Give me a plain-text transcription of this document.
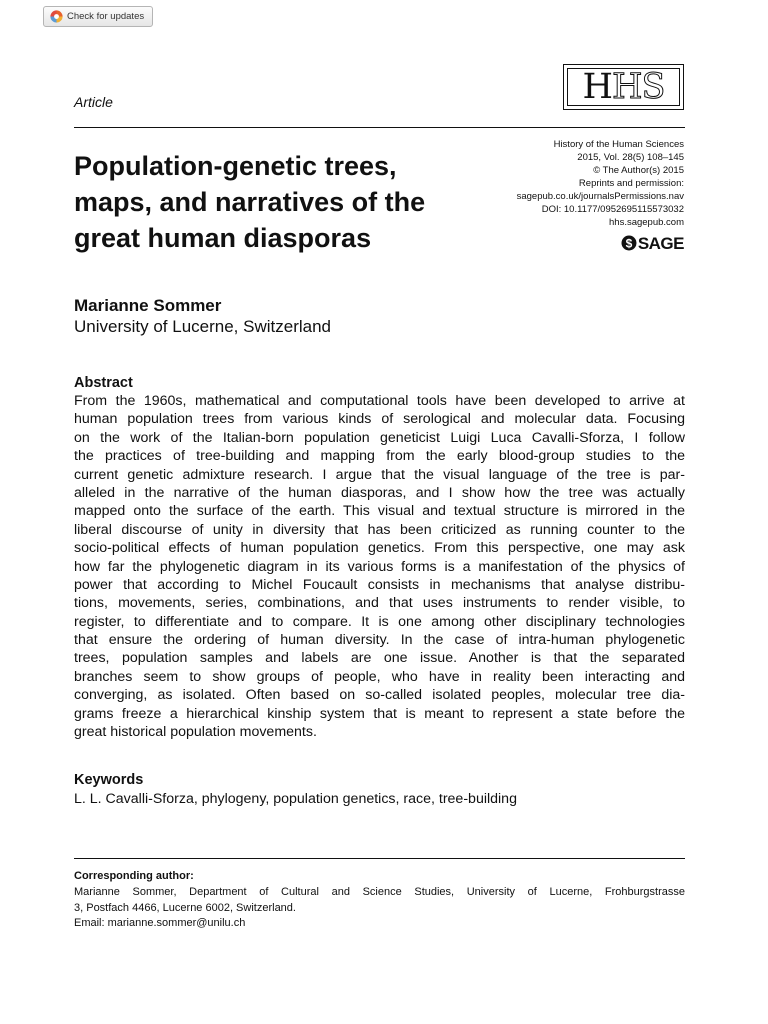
Check for updates
H HS
Article
Population-genetic trees,
maps, and narratives of the
great human diasporas
History of the Human Sciences
2015, Vol. 28(5) 108–145
© The Author(s) 2015
Reprints and permission:
sagepub.co.uk/journalsPermissions.nav
DOI: 10.1177/0952695115573032
hhs.sagepub.com
$ SAGE
Marianne Sommer
University of Lucerne, Switzerland
Abstract

From the 1960s, mathematical and computational tools have been developed to arrive at
human population trees from various kinds of serological and molecular data. Focusing
on the work of the Italian-born population geneticist Luigi Luca Cavalli-Sforza, I follow
the practices of tree-building and mapping from the early blood-group studies to the
current genetic admixture research. I argue that the visual language of the tree is par-
alleled in the narrative of the human diasporas, and I show how the tree was actually
mapped onto the surface of the earth. This visual and textual structure is mirrored in the
liberal discourse of unity in diversity that has been criticized as running counter to the
socio-political effects of human population genetics. From this perspective, one may ask
how far the phylogenetic diagram in its various forms is a manifestation of the physics of
power that according to Michel Foucault consists in mechanisms that analyse distribu-
tions, movements, series, combinations, and that uses instruments to render visible, to
register, to differentiate and to compare. It is one among other disciplinary technologies
that ensure the ordering of human diversity. In the case of intra-human phylogenetic
trees, population samples and labels are one issue. Another is that the separated
branches seem to show groups of people, who have in reality been interacting and
converging, as isolated. Often based on so-called isolated peoples, molecular tree dia-
grams freeze a hierarchical kinship system that is meant to represent a state before the
great historical population movements.

Keywords
L. L. Cavalli-Sforza, phylogeny, population genetics, race, tree-building
Corresponding author:
Marianne Sommer, Department of Cultural and Science Studies, University of Lucerne, Frohburgstrasse
3, Postfach 4466, Lucerne 6002, Switzerland.
Email: marianne.sommer@unilu.ch
